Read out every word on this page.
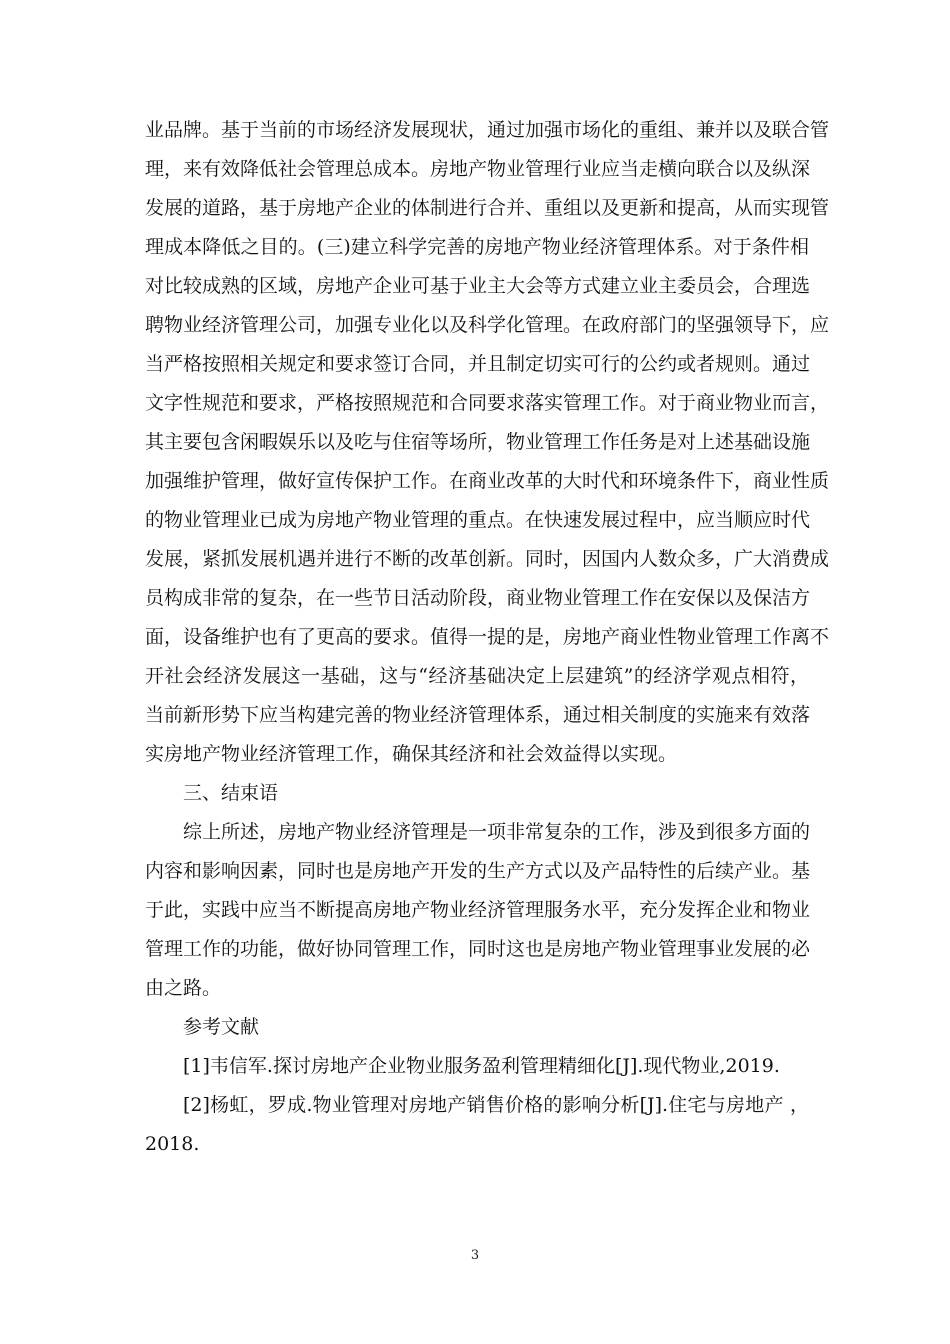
业品牌。基于当前的市场经济发展现状，通过加强市场化的重组、兼并以及联合管
理，来有效降低社会管理总成本。房地产物业管理行业应当走横向联合以及纵深
发展的道路，基于房地产企业的体制进行合并、重组以及更新和提高，从而实现管
理成本降低之目的。(三)建立科学完善的房地产物业经济管理体系。对于条件相
对比较成熟的区域，房地产企业可基于业主大会等方式建立业主委员会，合理选
聘物业经济管理公司，加强专业化以及科学化管理。在政府部门的坚强领导下，应
当严格按照相关规定和要求签订合同，并且制定切实可行的公约或者规则。通过
文字性规范和要求，严格按照规范和合同要求落实管理工作。对于商业物业而言，
其主要包含闲暇娱乐以及吃与住宿等场所，物业管理工作任务是对上述基础设施
加强维护管理，做好宣传保护工作。在商业改革的大时代和环境条件下，商业性质
的物业管理业已成为房地产物业管理的重点。在快速发展过程中，应当顺应时代
发展，紧抓发展机遇并进行不断的改革创新。同时，因国内人数众多，广大消费成
员构成非常的复杂，在一些节日活动阶段，商业物业管理工作在安保以及保洁方
面，设备维护也有了更高的要求。值得一提的是，房地产商业性物业管理工作离不
开社会经济发展这一基础，这与“经济基础决定上层建筑”的经济学观点相符，
当前新形势下应当构建完善的物业经济管理体系，通过相关制度的实施来有效落
实房地产物业经济管理工作，确保其经济和社会效益得以实现。
三、结束语
综上所述，房地产物业经济管理是一项非常复杂的工作，涉及到很多方面的
内容和影响因素，同时也是房地产开发的生产方式以及产品特性的后续产业。基
于此，实践中应当不断提高房地产物业经济管理服务水平，充分发挥企业和物业
管理工作的功能，做好协同管理工作，同时这也是房地产物业管理事业发展的必
由之路。
参考文献
[1]韦信军.探讨房地产企业物业服务盈利管理精细化[J].现代物业,2019.
[2]杨虹，罗成.物业管理对房地产销售价格的影响分析[J].住宅与房地产 ，
2018.
3
